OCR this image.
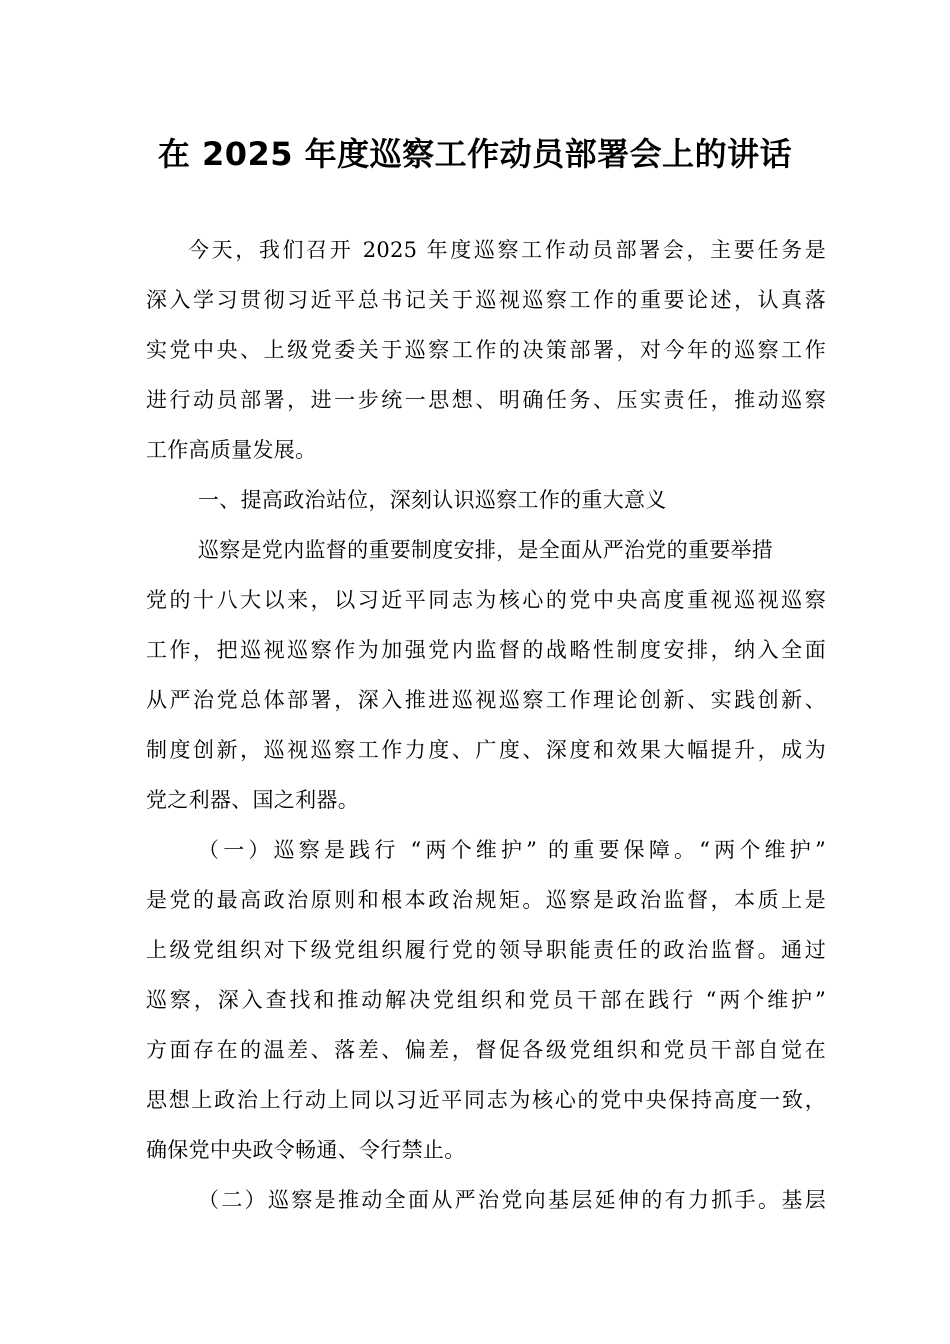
在 2025 年度巡察工作动员部署会上的讲话
今天，我们召开 2025 年度巡察工作动员部署会，主要任务是
深入学习贯彻习近平总书记关于巡视巡察工作的重要论述，认真落
实党中央、上级党委关于巡察工作的决策部署，对今年的巡察工作
进行动员部署，进一步统一思想、明确任务、压实责任，推动巡察
工作高质量发展。
一、提高政治站位，深刻认识巡察工作的重大意义
巡察是党内监督的重要制度安排，是全面从严治党的重要举措
党的十八大以来，以习近平同志为核心的党中央高度重视巡视巡察
工作，把巡视巡察作为加强党内监督的战略性制度安排，纳入全面
从严治党总体部署，深入推进巡视巡察工作理论创新、实践创新、
制度创新，巡视巡察工作力度、广度、深度和效果大幅提升，成为
党之利器、国之利器。
（一）巡察是践行 “两个维护” 的重要保障。“两个维护”
是党的最高政治原则和根本政治规矩。巡察是政治监督，本质上是
上级党组织对下级党组织履行党的领导职能责任的政治监督。通过
巡察，深入查找和推动解决党组织和党员干部在践行 “两个维护”
方面存在的温差、落差、偏差，督促各级党组织和党员干部自觉在
思想上政治上行动上同以习近平同志为核心的党中央保持高度一致，
确保党中央政令畅通、令行禁止。
（二）巡察是推动全面从严治党向基层延伸的有力抓手。基层
